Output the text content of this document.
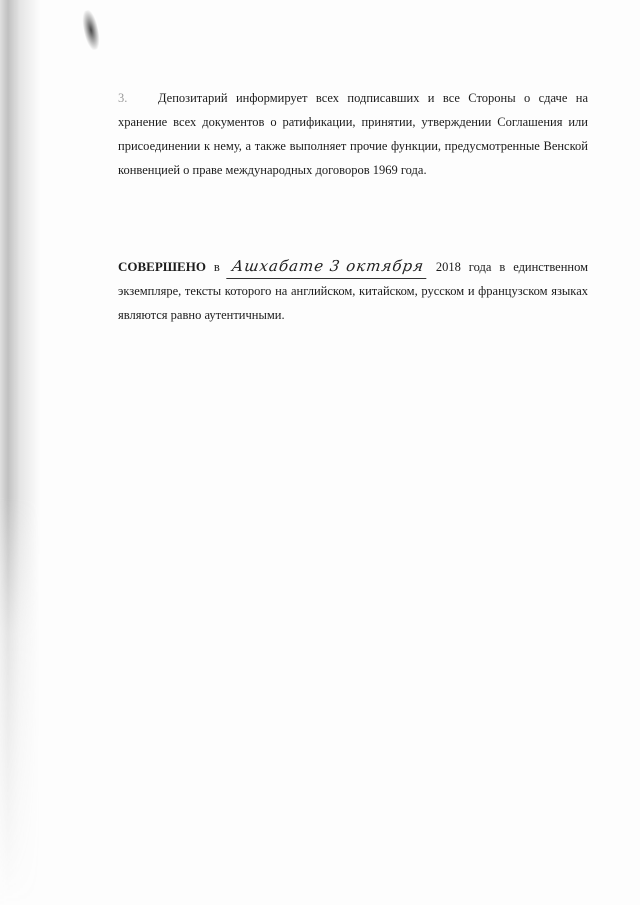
3. Депозитарий информирует всех подписавших и все Стороны о сдаче на хранение всех документов о ратификации, принятии, утверждении Соглашения или присоединении к нему, а также выполняет прочие функции, предусмотренные Венской конвенцией о праве международных договоров 1969 года.

СОВЕРШЕНО в Ашхабате 3 октября 2018 года в единственном экземпляре, тексты которого на английском, китайском, русском и французском языках являются равно аутентичными.
